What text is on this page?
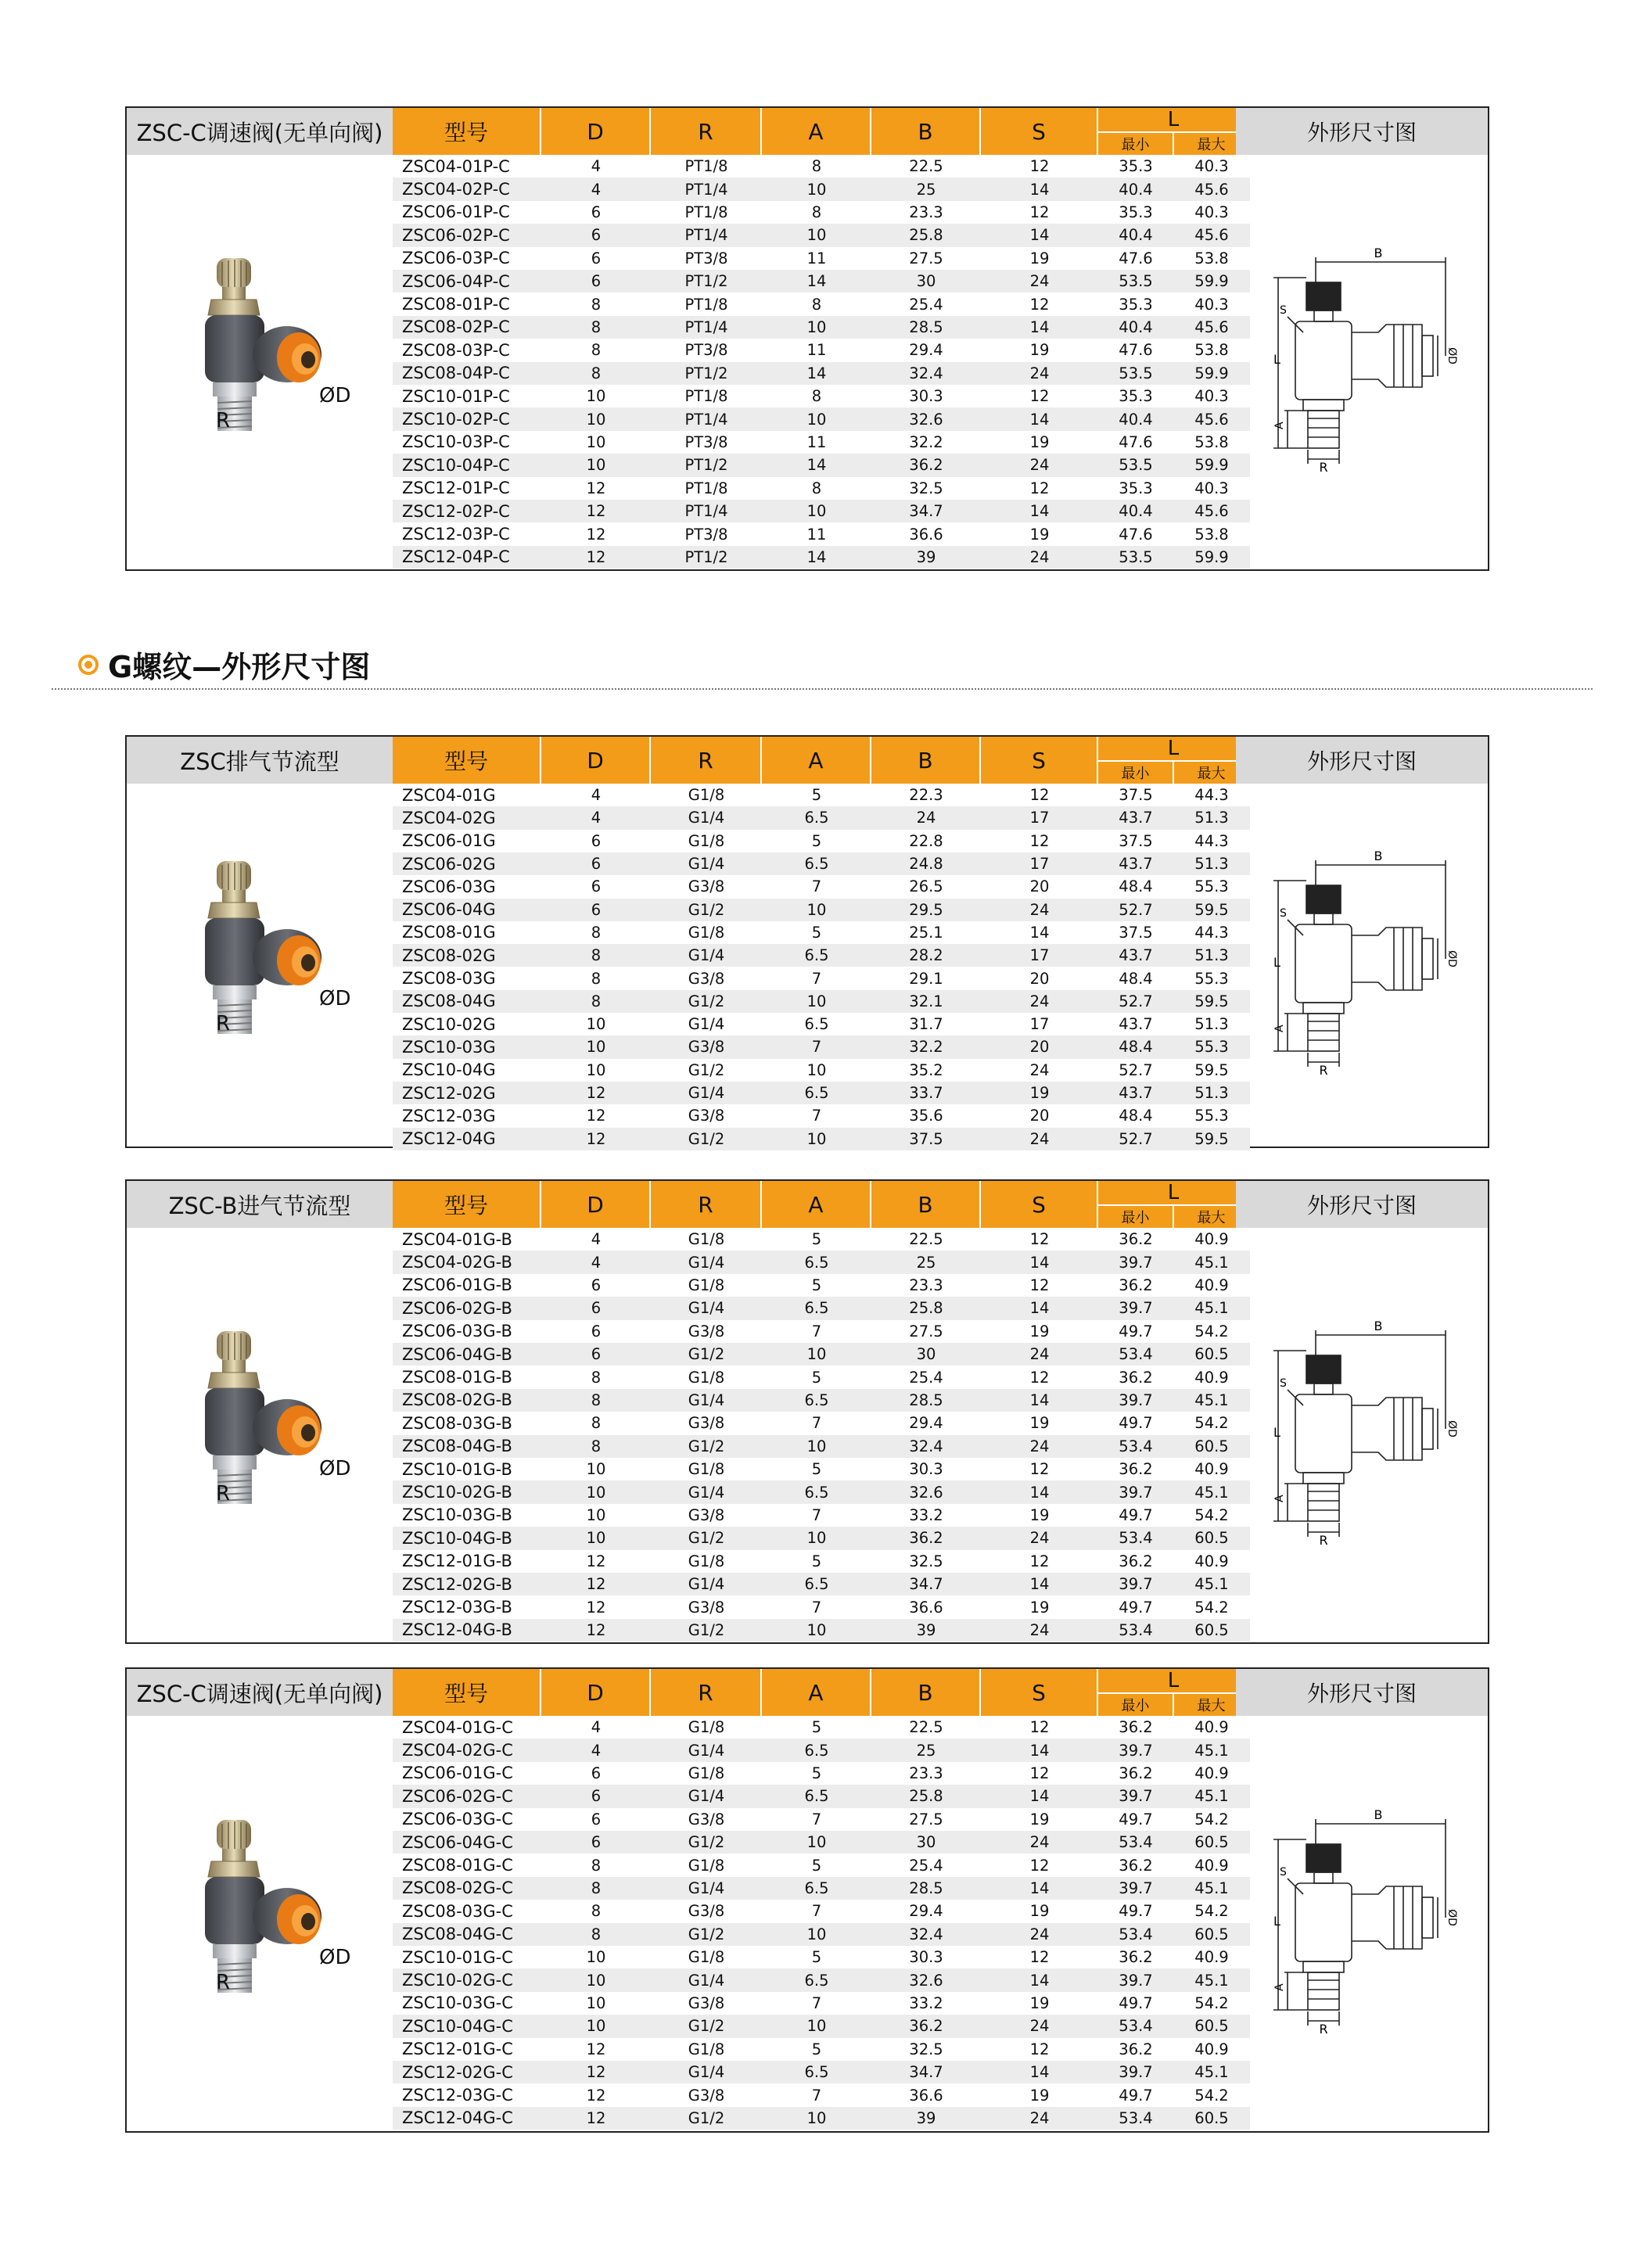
G螺纹—外形尺寸图
ZSC-C调速阀(无单向阀)	型号	D	R	A	B	S	L
最小	最大	外形尺寸图
ZSC04-01P-C	4	PT1/8	8	22.5	12	35.3	40.3
ZSC04-02P-C	4	PT1/4	10	25	14	40.4	45.6
ZSC06-01P-C	6	PT1/8	8	23.3	12	35.3	40.3
ZSC06-02P-C	6	PT1/4	10	25.8	14	40.4	45.6
ZSC06-03P-C	6	PT3/8	11	27.5	19	47.6	53.8
ZSC06-04P-C	6	PT1/2	14	30	24	53.5	59.9
ZSC08-01P-C	8	PT1/8	8	25.4	12	35.3	40.3
ZSC08-02P-C	8	PT1/4	10	28.5	14	40.4	45.6
ZSC08-03P-C	8	PT3/8	11	29.4	19	47.6	53.8
ZSC08-04P-C	8	PT1/2	14	32.4	24	53.5	59.9
ZSC10-01P-C	10	PT1/8	8	30.3	12	35.3	40.3
ZSC10-02P-C	10	PT1/4	10	32.6	14	40.4	45.6
ZSC10-03P-C	10	PT3/8	11	32.2	19	47.6	53.8
ZSC10-04P-C	10	PT1/2	14	36.2	24	53.5	59.9
ZSC12-01P-C	12	PT1/8	8	32.5	12	35.3	40.3
ZSC12-02P-C	12	PT1/4	10	34.7	14	40.4	45.6
ZSC12-03P-C	12	PT3/8	11	36.6	19	47.6	53.8
ZSC12-04P-C	12	PT1/2	14	39	24	53.5	59.9
ØD
R
B
R
L
A
S
ØD
ZSC排气节流型	型号	D	R	A	B	S	L
最小	最大	外形尺寸图
ZSC04-01G	4	G1/8	5	22.3	12	37.5	44.3
ZSC04-02G	4	G1/4	6.5	24	17	43.7	51.3
ZSC06-01G	6	G1/8	5	22.8	12	37.5	44.3
ZSC06-02G	6	G1/4	6.5	24.8	17	43.7	51.3
ZSC06-03G	6	G3/8	7	26.5	20	48.4	55.3
ZSC06-04G	6	G1/2	10	29.5	24	52.7	59.5
ZSC08-01G	8	G1/8	5	25.1	14	37.5	44.3
ZSC08-02G	8	G1/4	6.5	28.2	17	43.7	51.3
ZSC08-03G	8	G3/8	7	29.1	20	48.4	55.3
ZSC08-04G	8	G1/2	10	32.1	24	52.7	59.5
ZSC10-02G	10	G1/4	6.5	31.7	17	43.7	51.3
ZSC10-03G	10	G3/8	7	32.2	20	48.4	55.3
ZSC10-04G	10	G1/2	10	35.2	24	52.7	59.5
ZSC12-02G	12	G1/4	6.5	33.7	19	43.7	51.3
ZSC12-03G	12	G3/8	7	35.6	20	48.4	55.3
ZSC12-04G	12	G1/2	10	37.5	24	52.7	59.5
ØD
R
B
R
L
A
S
ØD
ZSC-B进气节流型	型号	D	R	A	B	S	L
最小	最大	外形尺寸图
ZSC04-01G-B	4	G1/8	5	22.5	12	36.2	40.9
ZSC04-02G-B	4	G1/4	6.5	25	14	39.7	45.1
ZSC06-01G-B	6	G1/8	5	23.3	12	36.2	40.9
ZSC06-02G-B	6	G1/4	6.5	25.8	14	39.7	45.1
ZSC06-03G-B	6	G3/8	7	27.5	19	49.7	54.2
ZSC06-04G-B	6	G1/2	10	30	24	53.4	60.5
ZSC08-01G-B	8	G1/8	5	25.4	12	36.2	40.9
ZSC08-02G-B	8	G1/4	6.5	28.5	14	39.7	45.1
ZSC08-03G-B	8	G3/8	7	29.4	19	49.7	54.2
ZSC08-04G-B	8	G1/2	10	32.4	24	53.4	60.5
ZSC10-01G-B	10	G1/8	5	30.3	12	36.2	40.9
ZSC10-02G-B	10	G1/4	6.5	32.6	14	39.7	45.1
ZSC10-03G-B	10	G3/8	7	33.2	19	49.7	54.2
ZSC10-04G-B	10	G1/2	10	36.2	24	53.4	60.5
ZSC12-01G-B	12	G1/8	5	32.5	12	36.2	40.9
ZSC12-02G-B	12	G1/4	6.5	34.7	14	39.7	45.1
ZSC12-03G-B	12	G3/8	7	36.6	19	49.7	54.2
ZSC12-04G-B	12	G1/2	10	39	24	53.4	60.5
ØD
R
B
R
L
A
S
ØD
ZSC-C调速阀(无单向阀)	型号	D	R	A	B	S	L
最小	最大	外形尺寸图
ZSC04-01G-C	4	G1/8	5	22.5	12	36.2	40.9
ZSC04-02G-C	4	G1/4	6.5	25	14	39.7	45.1
ZSC06-01G-C	6	G1/8	5	23.3	12	36.2	40.9
ZSC06-02G-C	6	G1/4	6.5	25.8	14	39.7	45.1
ZSC06-03G-C	6	G3/8	7	27.5	19	49.7	54.2
ZSC06-04G-C	6	G1/2	10	30	24	53.4	60.5
ZSC08-01G-C	8	G1/8	5	25.4	12	36.2	40.9
ZSC08-02G-C	8	G1/4	6.5	28.5	14	39.7	45.1
ZSC08-03G-C	8	G3/8	7	29.4	19	49.7	54.2
ZSC08-04G-C	8	G1/2	10	32.4	24	53.4	60.5
ZSC10-01G-C	10	G1/8	5	30.3	12	36.2	40.9
ZSC10-02G-C	10	G1/4	6.5	32.6	14	39.7	45.1
ZSC10-03G-C	10	G3/8	7	33.2	19	49.7	54.2
ZSC10-04G-C	10	G1/2	10	36.2	24	53.4	60.5
ZSC12-01G-C	12	G1/8	5	32.5	12	36.2	40.9
ZSC12-02G-C	12	G1/4	6.5	34.7	14	39.7	45.1
ZSC12-03G-C	12	G3/8	7	36.6	19	49.7	54.2
ZSC12-04G-C	12	G1/2	10	39	24	53.4	60.5
ØD
R
B
R
L
A
S
ØD
